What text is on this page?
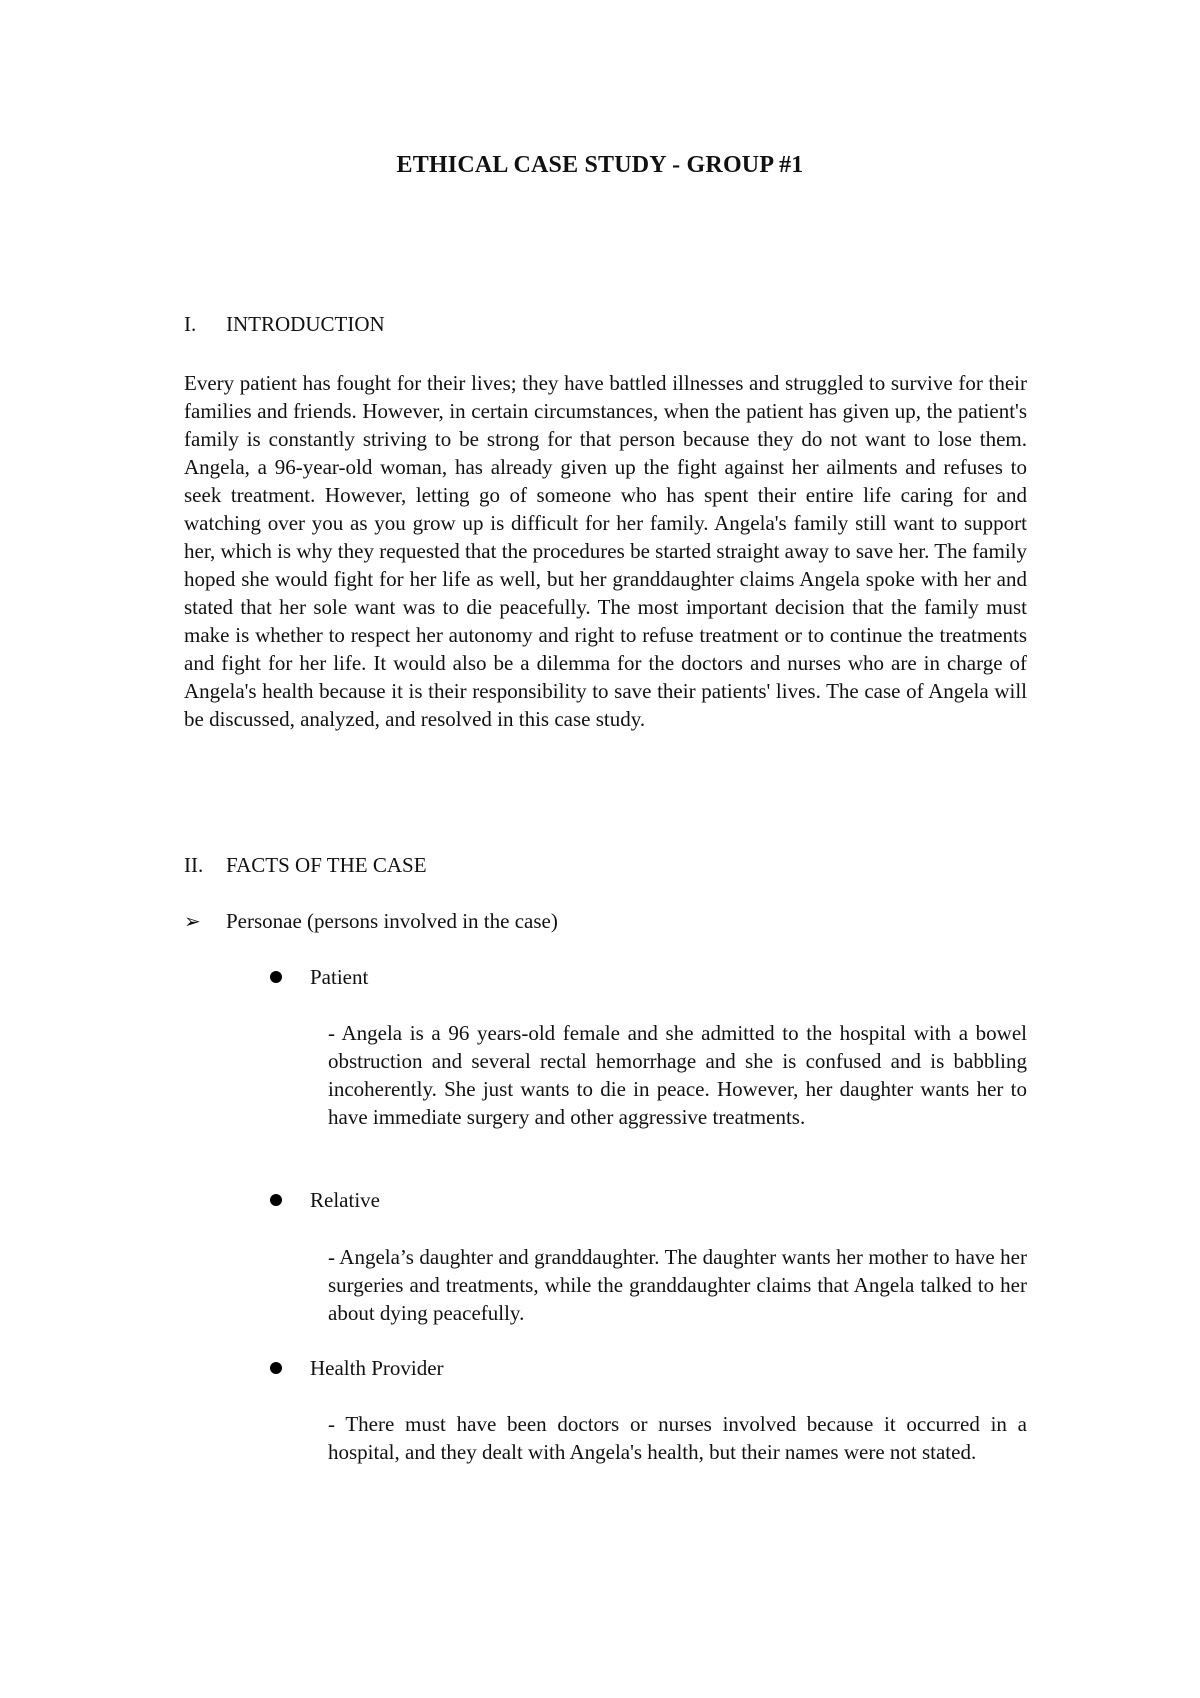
ETHICAL CASE STUDY - GROUP #1
I. INTRODUCTION

Every patient has fought for their lives; they have battled illnesses and struggled to survive for their families and friends. However, in certain circumstances, when the patient has given up, the patient's family is constantly striving to be strong for that person because they do not want to lose them. Angela, a 96-year-old woman, has already given up the fight against her ailments and refuses to seek treatment. However, letting go of someone who has spent their entire life caring for and watching over you as you grow up is difficult for her family. Angela's family still want to support her, which is why they requested that the procedures be started straight away to save her. The family hoped she would fight for her life as well, but her granddaughter claims Angela spoke with her and stated that her sole want was to die peacefully. The most important decision that the family must make is whether to respect her autonomy and right to refuse treatment or to continue the treatments and fight for her life. It would also be a dilemma for the doctors and nurses who are in charge of Angela's health because it is their responsibility to save their patients' lives. The case of Angela will be discussed, analyzed, and resolved in this case study.

II. FACTS OF THE CASE

➢ Personae (persons involved in the case)

Patient

- Angela is a 96 years-old female and she admitted to the hospital with a bowel obstruction and several rectal hemorrhage and she is confused and is babbling incoherently. She just wants to die in peace. However, her daughter wants her to have immediate surgery and other aggressive treatments.

Relative

- Angela’s daughter and granddaughter. The daughter wants her mother to have her surgeries and treatments, while the granddaughter claims that Angela talked to her about dying peacefully.

Health Provider

- There must have been doctors or nurses involved because it occurred in a hospital, and they dealt with Angela's health, but their names were not stated.
